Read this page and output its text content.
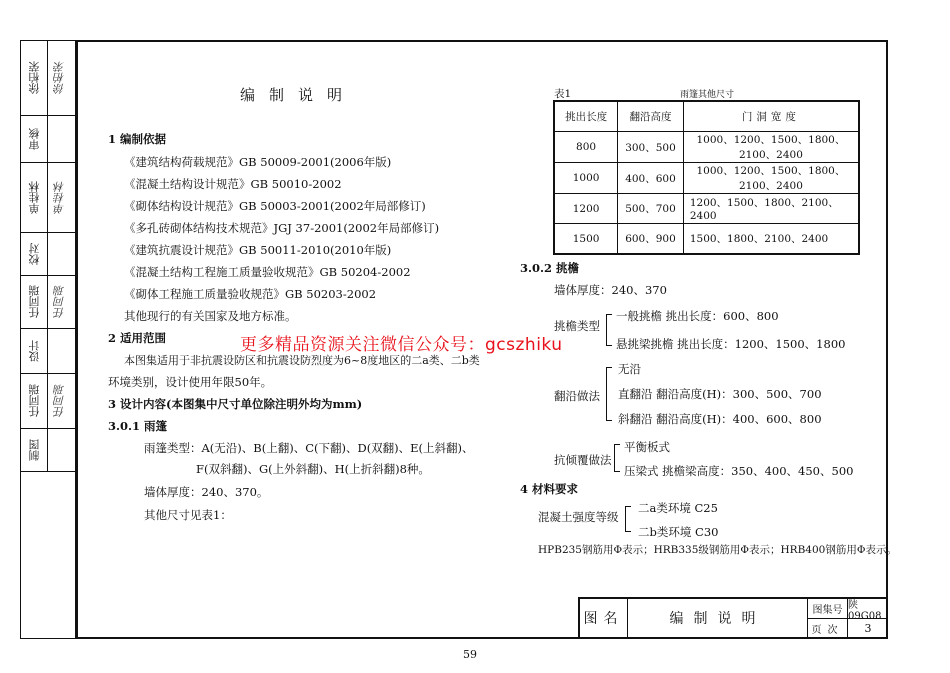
徐柏荣	徐柏荣
审核
单桂林	单桂林
校对
任同瑞	任同瑞
设计
任同瑞	任同瑞
制图
编制说明
1 编制依据
《建筑结构荷载规范》GB 50009-2001(2006年版)
《混凝土结构设计规范》GB 50010-2002
《砌体结构设计规范》GB 50003-2001(2002年局部修订)
《多孔砖砌体结构技术规范》JGJ 37-2001(2002年局部修订)
《建筑抗震设计规范》GB 50011-2010(2010年版)
《混凝土结构工程施工质量验收规范》GB 50204-2002
《砌体工程施工质量验收规范》GB 50203-2002
其他现行的有关国家及地方标准。
2 适用范围
本图集适用于非抗震设防区和抗震设防烈度为6~8度地区的二a类、二b类
环境类别，设计使用年限50年。
3 设计内容(本图集中尺寸单位除注明外均为mm)
3.0.1 雨篷
雨篷类型：A(无沿)、B(上翻)、C(下翻)、D(双翻)、E(上斜翻)、
F(双斜翻)、G(上外斜翻)、H(上折斜翻)8种。
墙体厚度：240、370。
其他尺寸见表1：
表1	雨篷其他尺寸
挑出长度	翻沿高度	门洞宽度
800	300、500	1000、1200、1500、1800、2100、2400
1000	400、600	1000、1200、1500、1800、2100、2400
1200	500、700	1200、1500、1800、2100、2400
1500	600、900	1500、1800、2100、2400
3.0.2 挑檐
墙体厚度：240、370
挑檐类型
一般挑檐 挑出长度：600、800
悬挑梁挑檐 挑出长度：1200、1500、1800
翻沿做法
无沿
直翻沿 翻沿高度(H)：300、500、700
斜翻沿 翻沿高度(H)：400、600、800
抗倾覆做法
平衡板式
压梁式 挑檐梁高度：350、400、450、500
4 材料要求
混凝土强度等级
二a类环境 C25
二b类环境 C30
HPB235钢筋用Φ表示；HRB335级钢筋用Φ表示；HRB400钢筋用Φ表示。
更多精品资源关注微信公众号：gcszhiku
图名	编制说明
图集号 陕09G08
页次	3
59
